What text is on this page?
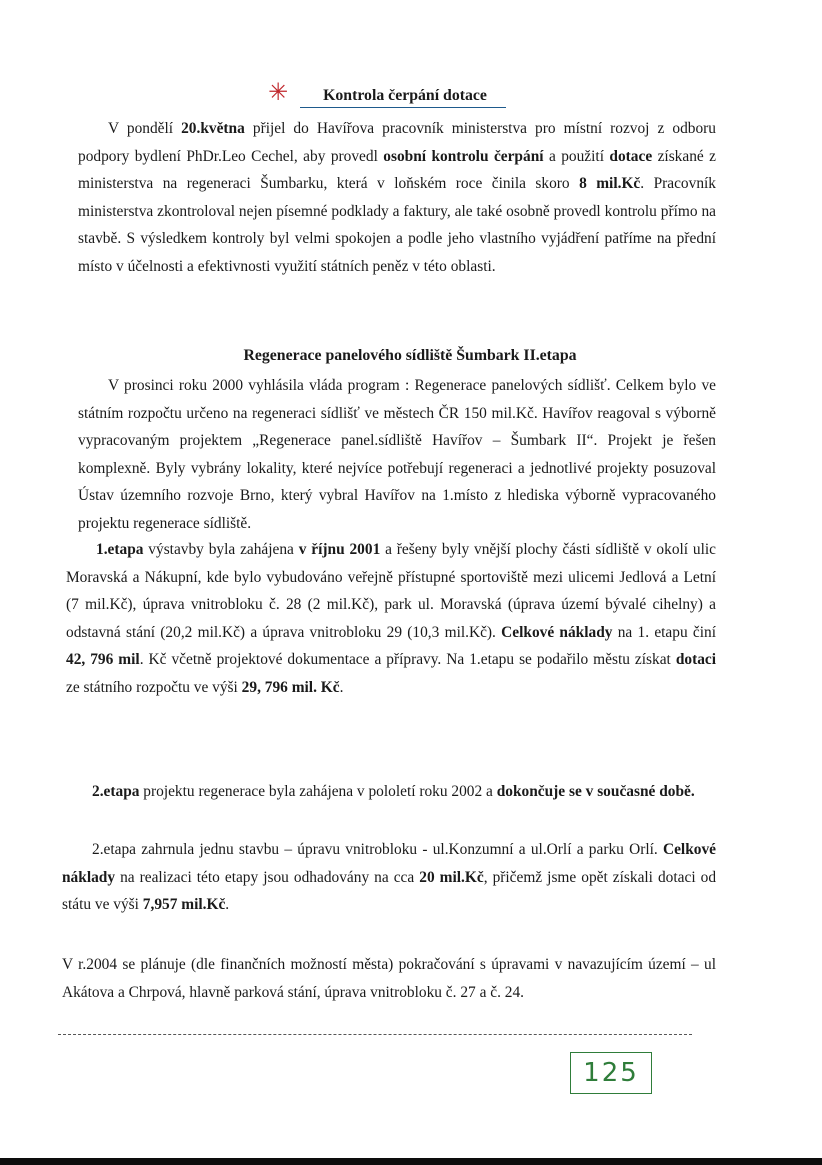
✳	Kontrola čerpání dotace

V pondělí 20.května přijel do Havířova pracovník ministerstva pro místní rozvoj z odboru podpory bydlení PhDr.Leo Cechel, aby provedl osobní kontrolu čerpání a použití dotace získané z ministerstva na regeneraci Šumbarku, která v loňském roce činila skoro 8 mil.Kč. Pracovník ministerstva zkontroloval nejen písemné podklady a faktury, ale také osobně provedl kontrolu přímo na stavbě. S výsledkem kontroly byl velmi spokojen a podle jeho vlastního vyjádření patříme na přední místo v účelnosti a efektivnosti využití státních peněz v této oblasti.

Regenerace panelového sídliště Šumbark II.etapa

V prosinci roku 2000 vyhlásila vláda program : Regenerace panelových sídlišť. Celkem bylo ve státním rozpočtu určeno na regeneraci sídlišť ve městech ČR 150 mil.Kč. Havířov reagoval s výborně vypracovaným projektem „Regenerace panel.sídliště Havířov – Šumbark II“. Projekt je řešen komplexně. Byly vybrány lokality, které nejvíce potřebují regeneraci a jednotlivé projekty posuzoval Ústav územního rozvoje Brno, který vybral Havířov na 1.místo z hlediska výborně vypracovaného projektu regenerace sídliště.

1.etapa výstavby byla zahájena v říjnu 2001 a řešeny byly vnější plochy části sídliště v okolí ulic Moravská a Nákupní, kde bylo vybudováno veřejně přístupné sportoviště mezi ulicemi Jedlová a Letní (7 mil.Kč), úprava vnitrobloku č. 28 (2 mil.Kč), park ul. Moravská (úprava území bývalé cihelny) a odstavná stání (20,2 mil.Kč) a úprava vnitrobloku 29 (10,3 mil.Kč). Celkové náklady na 1. etapu činí 42, 796 mil. Kč včetně projektové dokumentace a přípravy. Na 1.etapu se podařilo městu získat dotaci ze státního rozpočtu ve výši 29, 796 mil. Kč.

2.etapa projektu regenerace byla zahájena v pololetí roku 2002 a dokončuje se v současné době.

2.etapa zahrnula jednu stavbu – úpravu vnitrobloku - ul.Konzumní a ul.Orlí a parku Orlí. Celkové náklady na realizaci této etapy jsou odhadovány na cca 20 mil.Kč, přičemž jsme opět získali dotaci od státu ve výši 7,957 mil.Kč.

V r.2004 se plánuje (dle finančních možností města) pokračování s úpravami v navazujícím území – ul Akátova a Chrpová, hlavně parková stání, úprava vnitrobloku č. 27 a č. 24.

125
